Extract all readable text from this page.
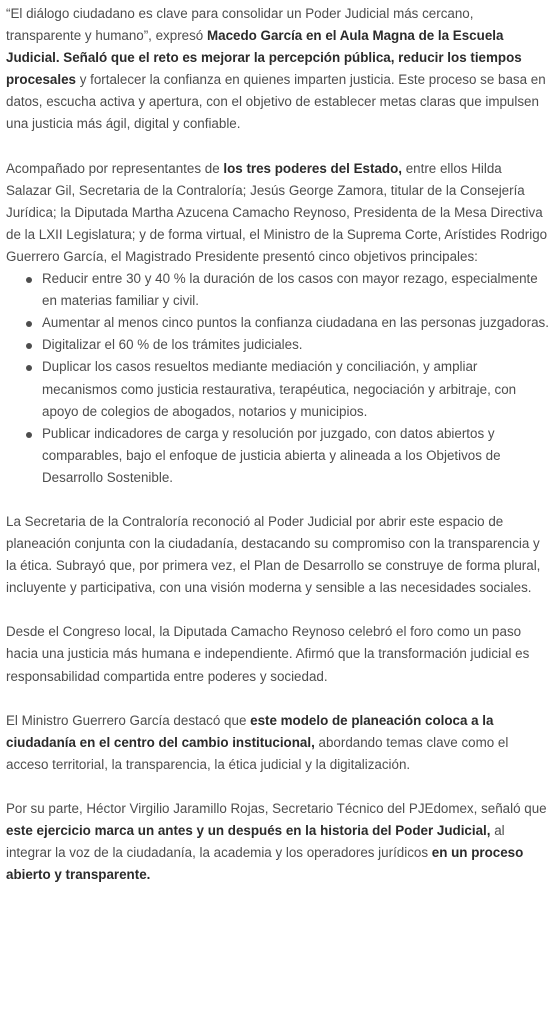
“El diálogo ciudadano es clave para consolidar un Poder Judicial más cercano, transparente y humano”, expresó Macedo García en el Aula Magna de la Escuela Judicial. Señaló que el reto es mejorar la percepción pública, reducir los tiempos procesales y fortalecer la confianza en quienes imparten justicia. Este proceso se basa en datos, escucha activa y apertura, con el objetivo de establecer metas claras que impulsen una justicia más ágil, digital y confiable.

Acompañado por representantes de los tres poderes del Estado, entre ellos Hilda Salazar Gil, Secretaria de la Contraloría; Jesús George Zamora, titular de la Consejería Jurídica; la Diputada Martha Azucena Camacho Reynoso, Presidenta de la Mesa Directiva de la LXII Legislatura; y de forma virtual, el Ministro de la Suprema Corte, Arístides Rodrigo Guerrero García, el Magistrado Presidente presentó cinco objetivos principales:

Reducir entre 30 y 40 % la duración de los casos con mayor rezago, especialmente en materias familiar y civil.
Aumentar al menos cinco puntos la confianza ciudadana en las personas juzgadoras.
Digitalizar el 60 % de los trámites judiciales.
Duplicar los casos resueltos mediante mediación y conciliación, y ampliar mecanismos como justicia restaurativa, terapéutica, negociación y arbitraje, con apoyo de colegios de abogados, notarios y municipios.
Publicar indicadores de carga y resolución por juzgado, con datos abiertos y comparables, bajo el enfoque de justicia abierta y alineada a los Objetivos de Desarrollo Sostenible.

La Secretaria de la Contraloría reconoció al Poder Judicial por abrir este espacio de planeación conjunta con la ciudadanía, destacando su compromiso con la transparencia y la ética. Subrayó que, por primera vez, el Plan de Desarrollo se construye de forma plural, incluyente y participativa, con una visión moderna y sensible a las necesidades sociales.

Desde el Congreso local, la Diputada Camacho Reynoso celebró el foro como un paso hacia una justicia más humana e independiente. Afirmó que la transformación judicial es responsabilidad compartida entre poderes y sociedad.

El Ministro Guerrero García destacó que este modelo de planeación coloca a la ciudadanía en el centro del cambio institucional, abordando temas clave como el acceso territorial, la transparencia, la ética judicial y la digitalización.

Por su parte, Héctor Virgilio Jaramillo Rojas, Secretario Técnico del PJEdomex, señaló que este ejercicio marca un antes y un después en la historia del Poder Judicial, al integrar la voz de la ciudadanía, la academia y los operadores jurídicos en un proceso abierto y transparente.
